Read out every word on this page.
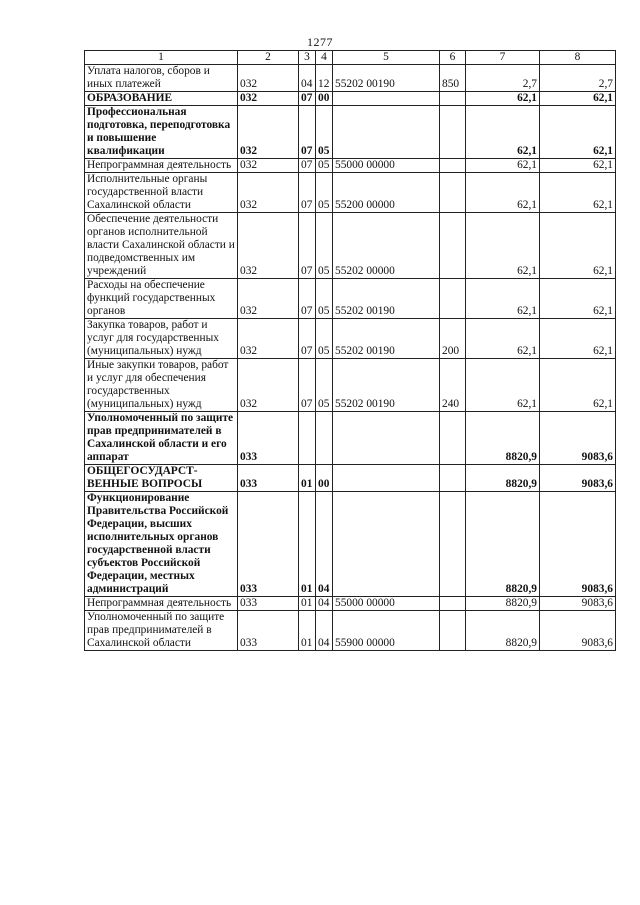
1277
1	2	3	4	5	6	7	8
Уплата налогов, сборов и иных платежей	032	04	12	55202 00190	850	2,7	2,7
ОБРАЗОВАНИЕ	032	07	00			62,1	62,1
Профессиональная подготовка, переподготовка и повышение квалификации	032	07	05			62,1	62,1
Непрограммная деятельность	032	07	05	55000 00000		62,1	62,1
Исполнительные органы государственной власти Сахалинской области	032	07	05	55200 00000		62,1	62,1
Обеспечение деятельности органов исполнительной власти Сахалинской области и подведомственных им учреждений	032	07	05	55202 00000		62,1	62,1
Расходы на обеспечение функций государственных органов	032	07	05	55202 00190		62,1	62,1
Закупка товаров, работ и услуг для государственных (муниципальных) нужд	032	07	05	55202 00190	200	62,1	62,1
Иные закупки товаров, работ и услуг для обеспечения государственных (муниципальных) нужд	032	07	05	55202 00190	240	62,1	62,1
Уполномоченный по защите прав предпринимателей в Сахалинской области и его аппарат	033					8820,9	9083,6
ОБЩЕГОСУДАРСТ-ВЕННЫЕ ВОПРОСЫ	033	01	00			8820,9	9083,6
Функционирование Правительства Российской Федерации, высших исполнительных органов государственной власти субъектов Российской Федерации, местных администраций	033	01	04			8820,9	9083,6
Непрограммная деятельность	033	01	04	55000 00000		8820,9	9083,6
Уполномоченный по защите прав предпринимателей в Сахалинской области	033	01	04	55900 00000		8820,9	9083,6
